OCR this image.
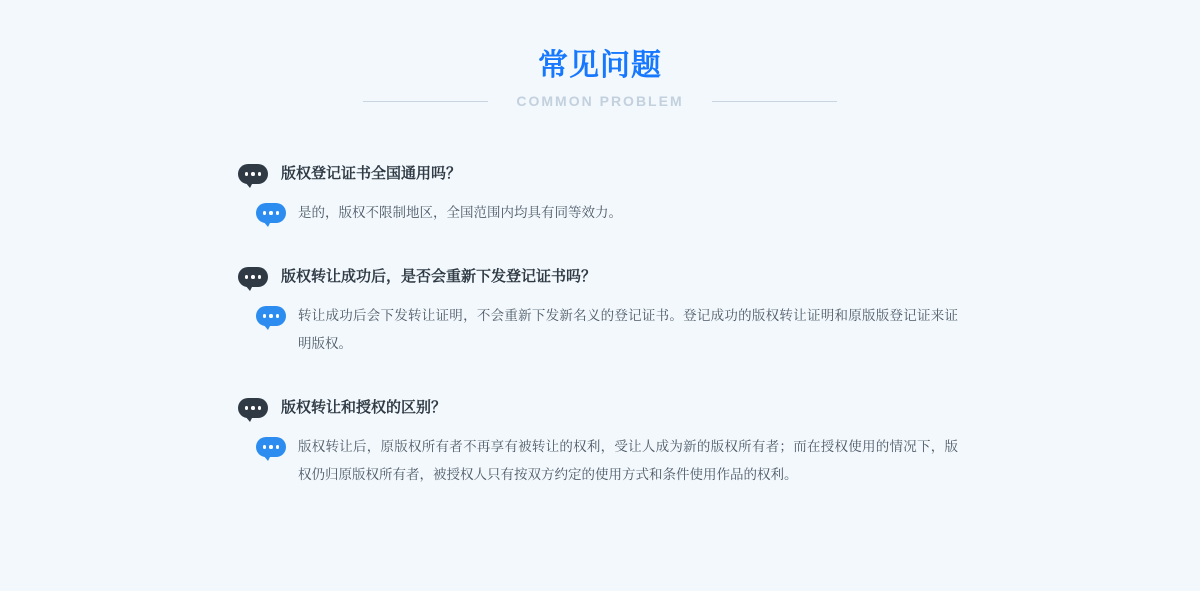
常见问题
COMMON PROBLEM
版权登记证书全国通用吗？
是的，版权不限制地区，全国范围内均具有同等效力。
版权转让成功后，是否会重新下发登记证书吗？
转让成功后会下发转让证明，不会重新下发新名义的登记证书。登记成功的版权转让证明和原版版登记证来证明版权。
版权转让和授权的区别？
版权转让后，原版权所有者不再享有被转让的权利，受让人成为新的版权所有者；而在授权使用的情况下，版权仍归原版权所有者，被授权人只有按双方约定的使用方式和条件使用作品的权利。
